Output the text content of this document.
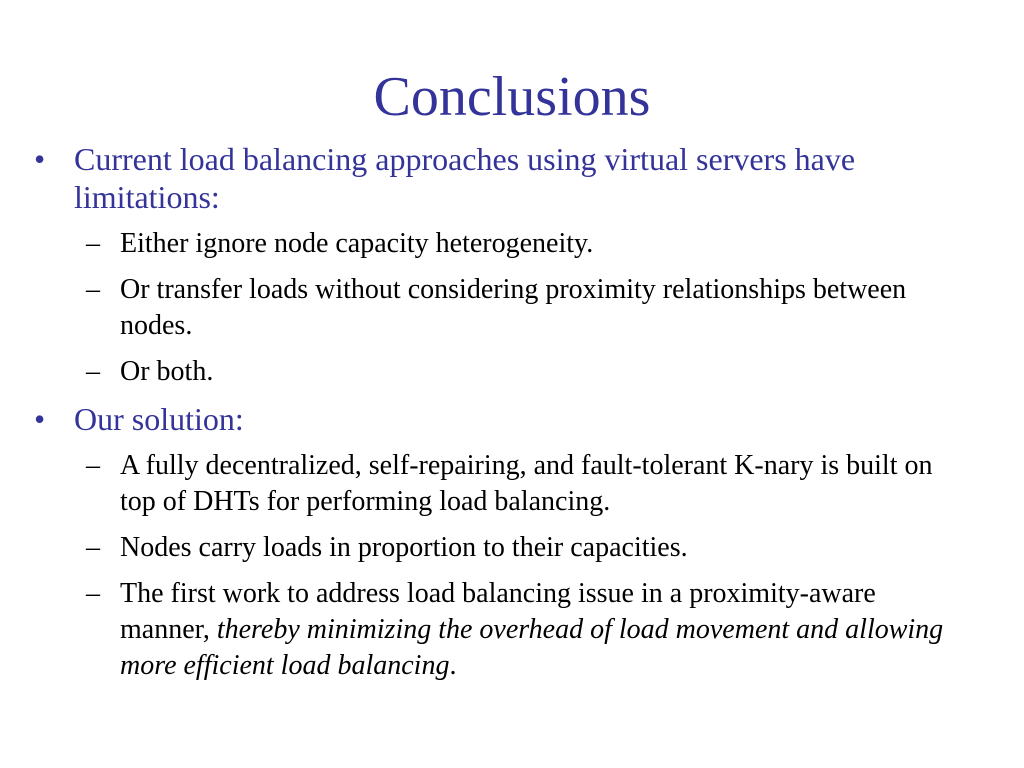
Conclusions
• Current load balancing approaches using virtual servers have limitations:
– Either ignore node capacity heterogeneity.
– Or transfer loads without considering proximity relationships between nodes.
– Or both.
• Our solution:
– A fully decentralized, self-repairing, and fault-tolerant K-nary is built on top of DHTs for performing load balancing.
– Nodes carry loads in proportion to their capacities.
– The first work to address load balancing issue in a proximity-aware manner, thereby minimizing the overhead of load movement and allowing more efficient load balancing.
